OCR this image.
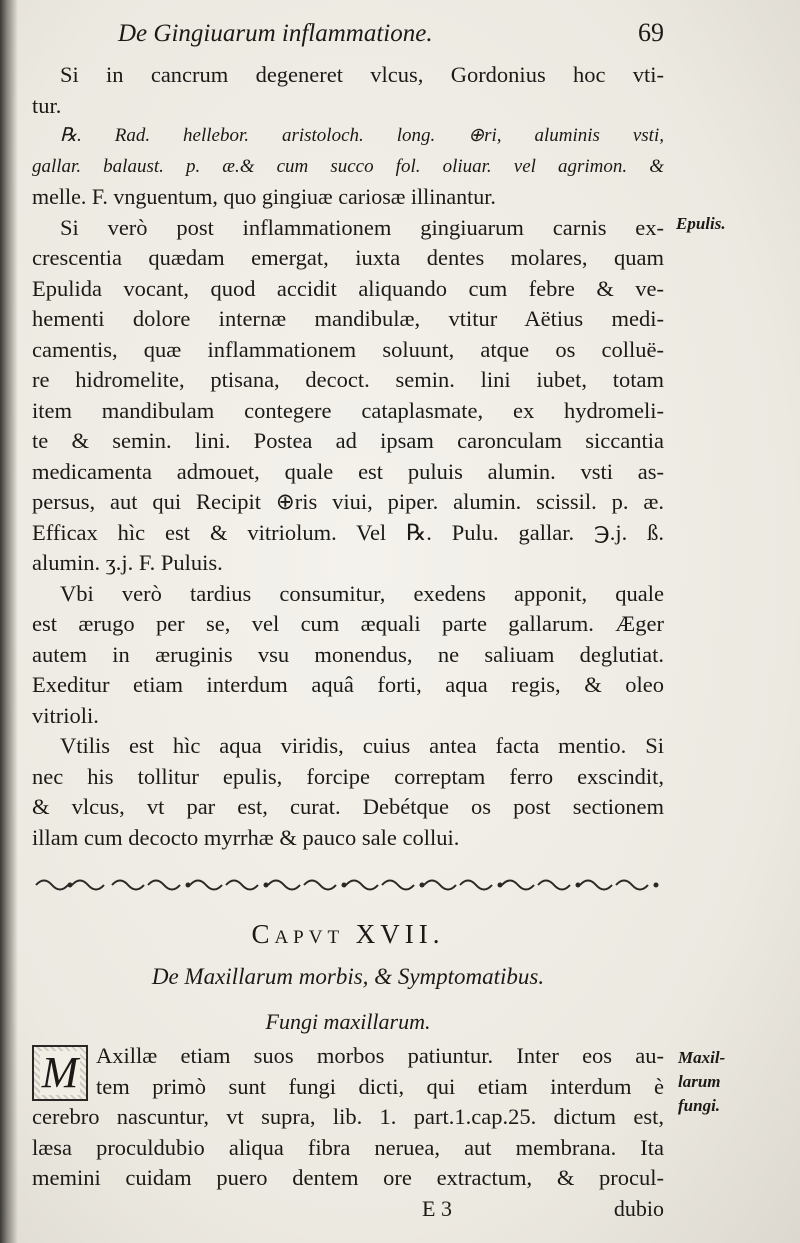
De Gingiuarum inflammatione.	69
Si in cancrum degeneret vlcus, Gordonius hoc vti-
tur.
℞. Rad. hellebor. aristoloch. long. ⊕ri, aluminis vsti,
gallar. balaust. p. æ.& cum succo fol. oliuar. vel agrimon. &
melle. F. vnguentum, quo gingiuæ cariosæ illinantur.
Si verò post inflammationem gingiuarum carnis ex-
crescentia quædam emergat, iuxta dentes molares, quam
Epulida vocant, quod accidit aliquando cum febre & ve-
hementi dolore internæ mandibulæ, vtitur Aëtius medi-
camentis, quæ inflammationem soluunt, atque os colluë-
re hidromelite, ptisana, decoct. semin. lini iubet, totam
item mandibulam contegere cataplasmate, ex hydromeli-
te & semin. lini. Postea ad ipsam caronculam siccantia
medicamenta admouet, quale est puluis alumin. vsti as-
persus, aut qui Recipit ⊕ris viui, piper. alumin. scissil. p. æ.
Efficax hìc est & vitriolum. Vel ℞. Pulu. gallar. ℈.j. ß.
alumin. ʒ.j. F. Puluis.
Vbi verò tardius consumitur, exedens apponit, quale
est ærugo per se, vel cum æquali parte gallarum. Æger
autem in æruginis vsu monendus, ne saliuam deglutiat.
Exeditur etiam interdum aquâ forti, aqua regis, & oleo
vitrioli.
Vtilis est hìc aqua viridis, cuius antea facta mentio. Si
nec his tollitur epulis, forcipe correptam ferro exscindit,
& vlcus, vt par est, curat. Debétque os post sectionem
illam cum decocto myrrhæ & pauco sale collui.
Capvt XVII.
De Maxillarum morbis, & Symptomatibus.
Fungi maxillarum.
M Axillæ etiam suos morbos patiuntur. Inter eos au-
tem primò sunt fungi dicti, qui etiam interdum è
cerebro nascuntur, vt supra, lib. 1. part.1.cap.25. dictum est,
læsa proculdubio aliqua fibra neruea, aut membrana. Ita
memini cuidam puero dentem ore extractum, & procul-
E 3	dubio
Epulis.
Maxil-
larum
fungi.
